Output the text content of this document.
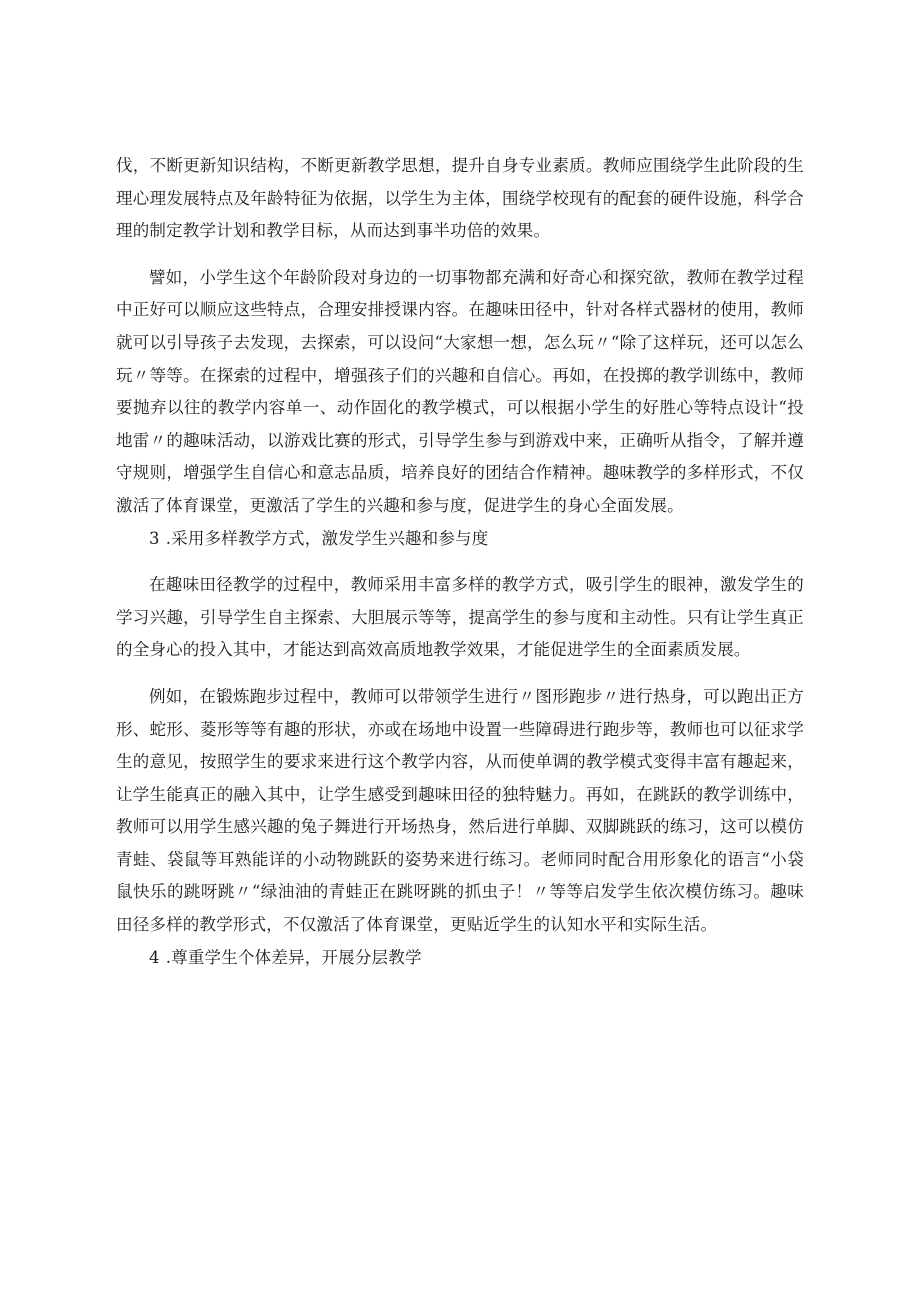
伐，不断更新知识结构，不断更新教学思想，提升自身专业素质。教师应围绕学生此阶段的生理心理发展特点及年龄特征为依据，以学生为主体，围绕学校现有的配套的硬件设施，科学合理的制定教学计划和教学目标，从而达到事半功倍的效果。

譬如，小学生这个年龄阶段对身边的一切事物都充满和好奇心和探究欲，教师在教学过程中正好可以顺应这些特点，合理安排授课内容。在趣味田径中，针对各样式器材的使用，教师就可以引导孩子去发现，去探索，可以设问“大家想一想，怎么玩〃“除了这样玩，还可以怎么玩〃等等。在探索的过程中，增强孩子们的兴趣和自信心。再如，在投掷的教学训练中，教师要抛弃以往的教学内容单一、动作固化的教学模式，可以根据小学生的好胜心等特点设计“投地雷〃的趣味活动，以游戏比赛的形式，引导学生参与到游戏中来，正确听从指令，了解并遵守规则，增强学生自信心和意志品质，培养良好的团结合作精神。趣味教学的多样形式，不仅激活了体育课堂，更激活了学生的兴趣和参与度，促进学生的身心全面发展。

3 .采用多样教学方式，激发学生兴趣和参与度

在趣味田径教学的过程中，教师采用丰富多样的教学方式，吸引学生的眼神，激发学生的学习兴趣，引导学生自主探索、大胆展示等等，提高学生的参与度和主动性。只有让学生真正的全身心的投入其中，才能达到高效高质地教学效果，才能促进学生的全面素质发展。

例如，在锻炼跑步过程中，教师可以带领学生进行〃图形跑步〃进行热身，可以跑出正方形、蛇形、菱形等等有趣的形状，亦或在场地中设置一些障碍进行跑步等，教师也可以征求学生的意见，按照学生的要求来进行这个教学内容，从而使单调的教学模式变得丰富有趣起来，让学生能真正的融入其中，让学生感受到趣味田径的独特魅力。再如，在跳跃的教学训练中，教师可以用学生感兴趣的兔子舞进行开场热身，然后进行单脚、双脚跳跃的练习，这可以模仿青蛙、袋鼠等耳熟能详的小动物跳跃的姿势来进行练习。老师同时配合用形象化的语言“小袋鼠快乐的跳呀跳〃“绿油油的青蛙正在跳呀跳的抓虫子！〃等等启发学生依次模仿练习。趣味田径多样的教学形式，不仅激活了体育课堂，更贴近学生的认知水平和实际生活。

4 .尊重学生个体差异，开展分层教学
